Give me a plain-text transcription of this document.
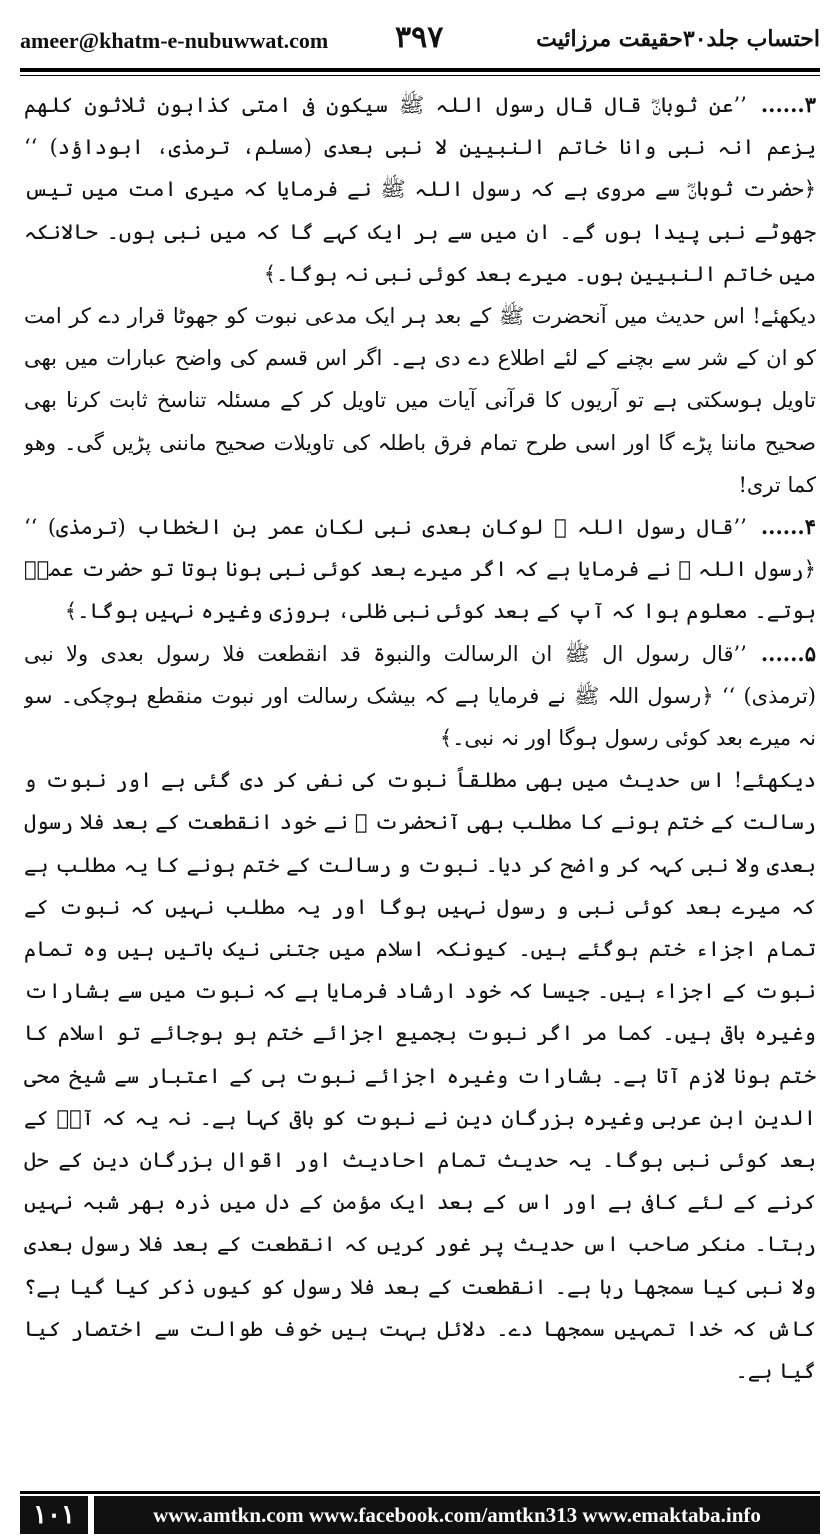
ameer@khatm-e-nubuwwat.com ۳۹۷	احتساب جلد۳۰حقیقت مرزائیت

۳......’’عن ثوبانؓ قال قال رسول اللہ ﷺ سیکون فی امتی کذابون ثلاثون کلھم یزعم انہ نبی وانا خاتم النبیین لا نبی بعدی (مسلم، ترمذی، ابوداؤد) ‘‘ ﴿حضرت ثوبانؓ سے مروی ہے کہ رسول اللہ ﷺ نے فرمایا کہ میری امت میں تیس جھوٹے نبی پیدا ہوں گے۔ ان میں سے ہر ایک کہے گا کہ میں نبی ہوں۔ حالانکہ میں خاتم النبیین ہوں۔ میرے بعد کوئی نبی نہ ہوگا۔﴾

دیکھئے! اس حدیث میں آنحضرت ﷺ کے بعد ہر ایک مدعی نبوت کو جھوٹا قرار دے کر امت کو ان کے شر سے بچنے کے لئے اطلاع دے دی ہے۔ اگر اس قسم کی واضح عبارات میں بھی تاویل ہوسکتی ہے تو آریوں کا قرآنی آیات میں تاویل کر کے مسئلہ تناسخ ثابت کرنا بھی صحیح ماننا پڑے گا اور اسی طرح تمام فرق باطلہ کی تاویلات صحیح ماننی پڑیں گی۔ وھو کما تری!

۴......’’قال رسول اللہ ﷺ لوکان بعدی نبی لکان عمر بن الخطاب (ترمذی) ‘‘ ﴿رسول اللہ ﷺ نے فرمایا ہے کہ اگر میرے بعد کوئی نبی ہونا ہوتا تو حضرت عمرؓ ہوتے۔ معلوم ہوا کہ آپ کے بعد کوئی نبی ظلی، بروزی وغیرہ نہیں ہوگا۔﴾

۵......’’قال رسول ال ﷺ ان الرسالت والنبوۃ قد انقطعت فلا رسول بعدی ولا نبی (ترمذی) ‘‘ ﴿رسول اللہ ﷺ نے فرمایا ہے کہ بیشک رسالت اور نبوت منقطع ہوچکی۔ سو نہ میرے بعد کوئی رسول ہوگا اور نہ نبی۔﴾

دیکھئے! اس حدیث میں بھی مطلقاً نبوت کی نفی کر دی گئی ہے اور نبوت و رسالت کے ختم ہونے کا مطلب بھی آنحضرت ﷺ نے خود انقطعت کے بعد فلا رسول بعدی ولا نبی کہہ کر واضح کر دیا۔ نبوت و رسالت کے ختم ہونے کا یہ مطلب ہے کہ میرے بعد کوئی نبی و رسول نہیں ہوگا اور یہ مطلب نہیں کہ نبوت کے تمام اجزاء ختم ہوگئے ہیں۔ کیونکہ اسلام میں جتنی نیک باتیں ہیں وہ تمام نبوت کے اجزاء ہیں۔ جیسا کہ خود ارشاد فرمایا ہے کہ نبوت میں سے بشارات وغیرہ باقی ہیں۔ کما مر اگر نبوت بجمیع اجزائے ختم ہو ہوجائے تو اسلام کا ختم ہونا لازم آتا ہے۔ بشارات وغیرہ اجزائے نبوت ہی کے اعتبار سے شیخ محی الدین ابن عربی وغیرہ بزرگان دین نے نبوت کو باقی کہا ہے۔ نہ یہ کہ آپؐ کے بعد کوئی نبی ہوگا۔ یہ حدیث تمام احادیث اور اقوال بزرگان دین کے حل کرنے کے لئے کافی ہے اور اس کے بعد ایک مؤمن کے دل میں ذرہ بھر شبہ نہیں رہتا۔ منکر صاحب اس حدیث پر غور کریں کہ انقطعت کے بعد فلا رسول بعدی ولا نبی کیا سمجھا رہا ہے۔ انقطعت کے بعد فلا رسول کو کیوں ذکر کیا گیا ہے؟ کاش کہ خدا تمہیں سمجھا دے۔ دلائل بہت ہیں خوف طوالت سے اختصار کیا گیا ہے۔

۱۰۱	www.amtkn.com www.facebook.com/amtkn313 www.emaktaba.info
